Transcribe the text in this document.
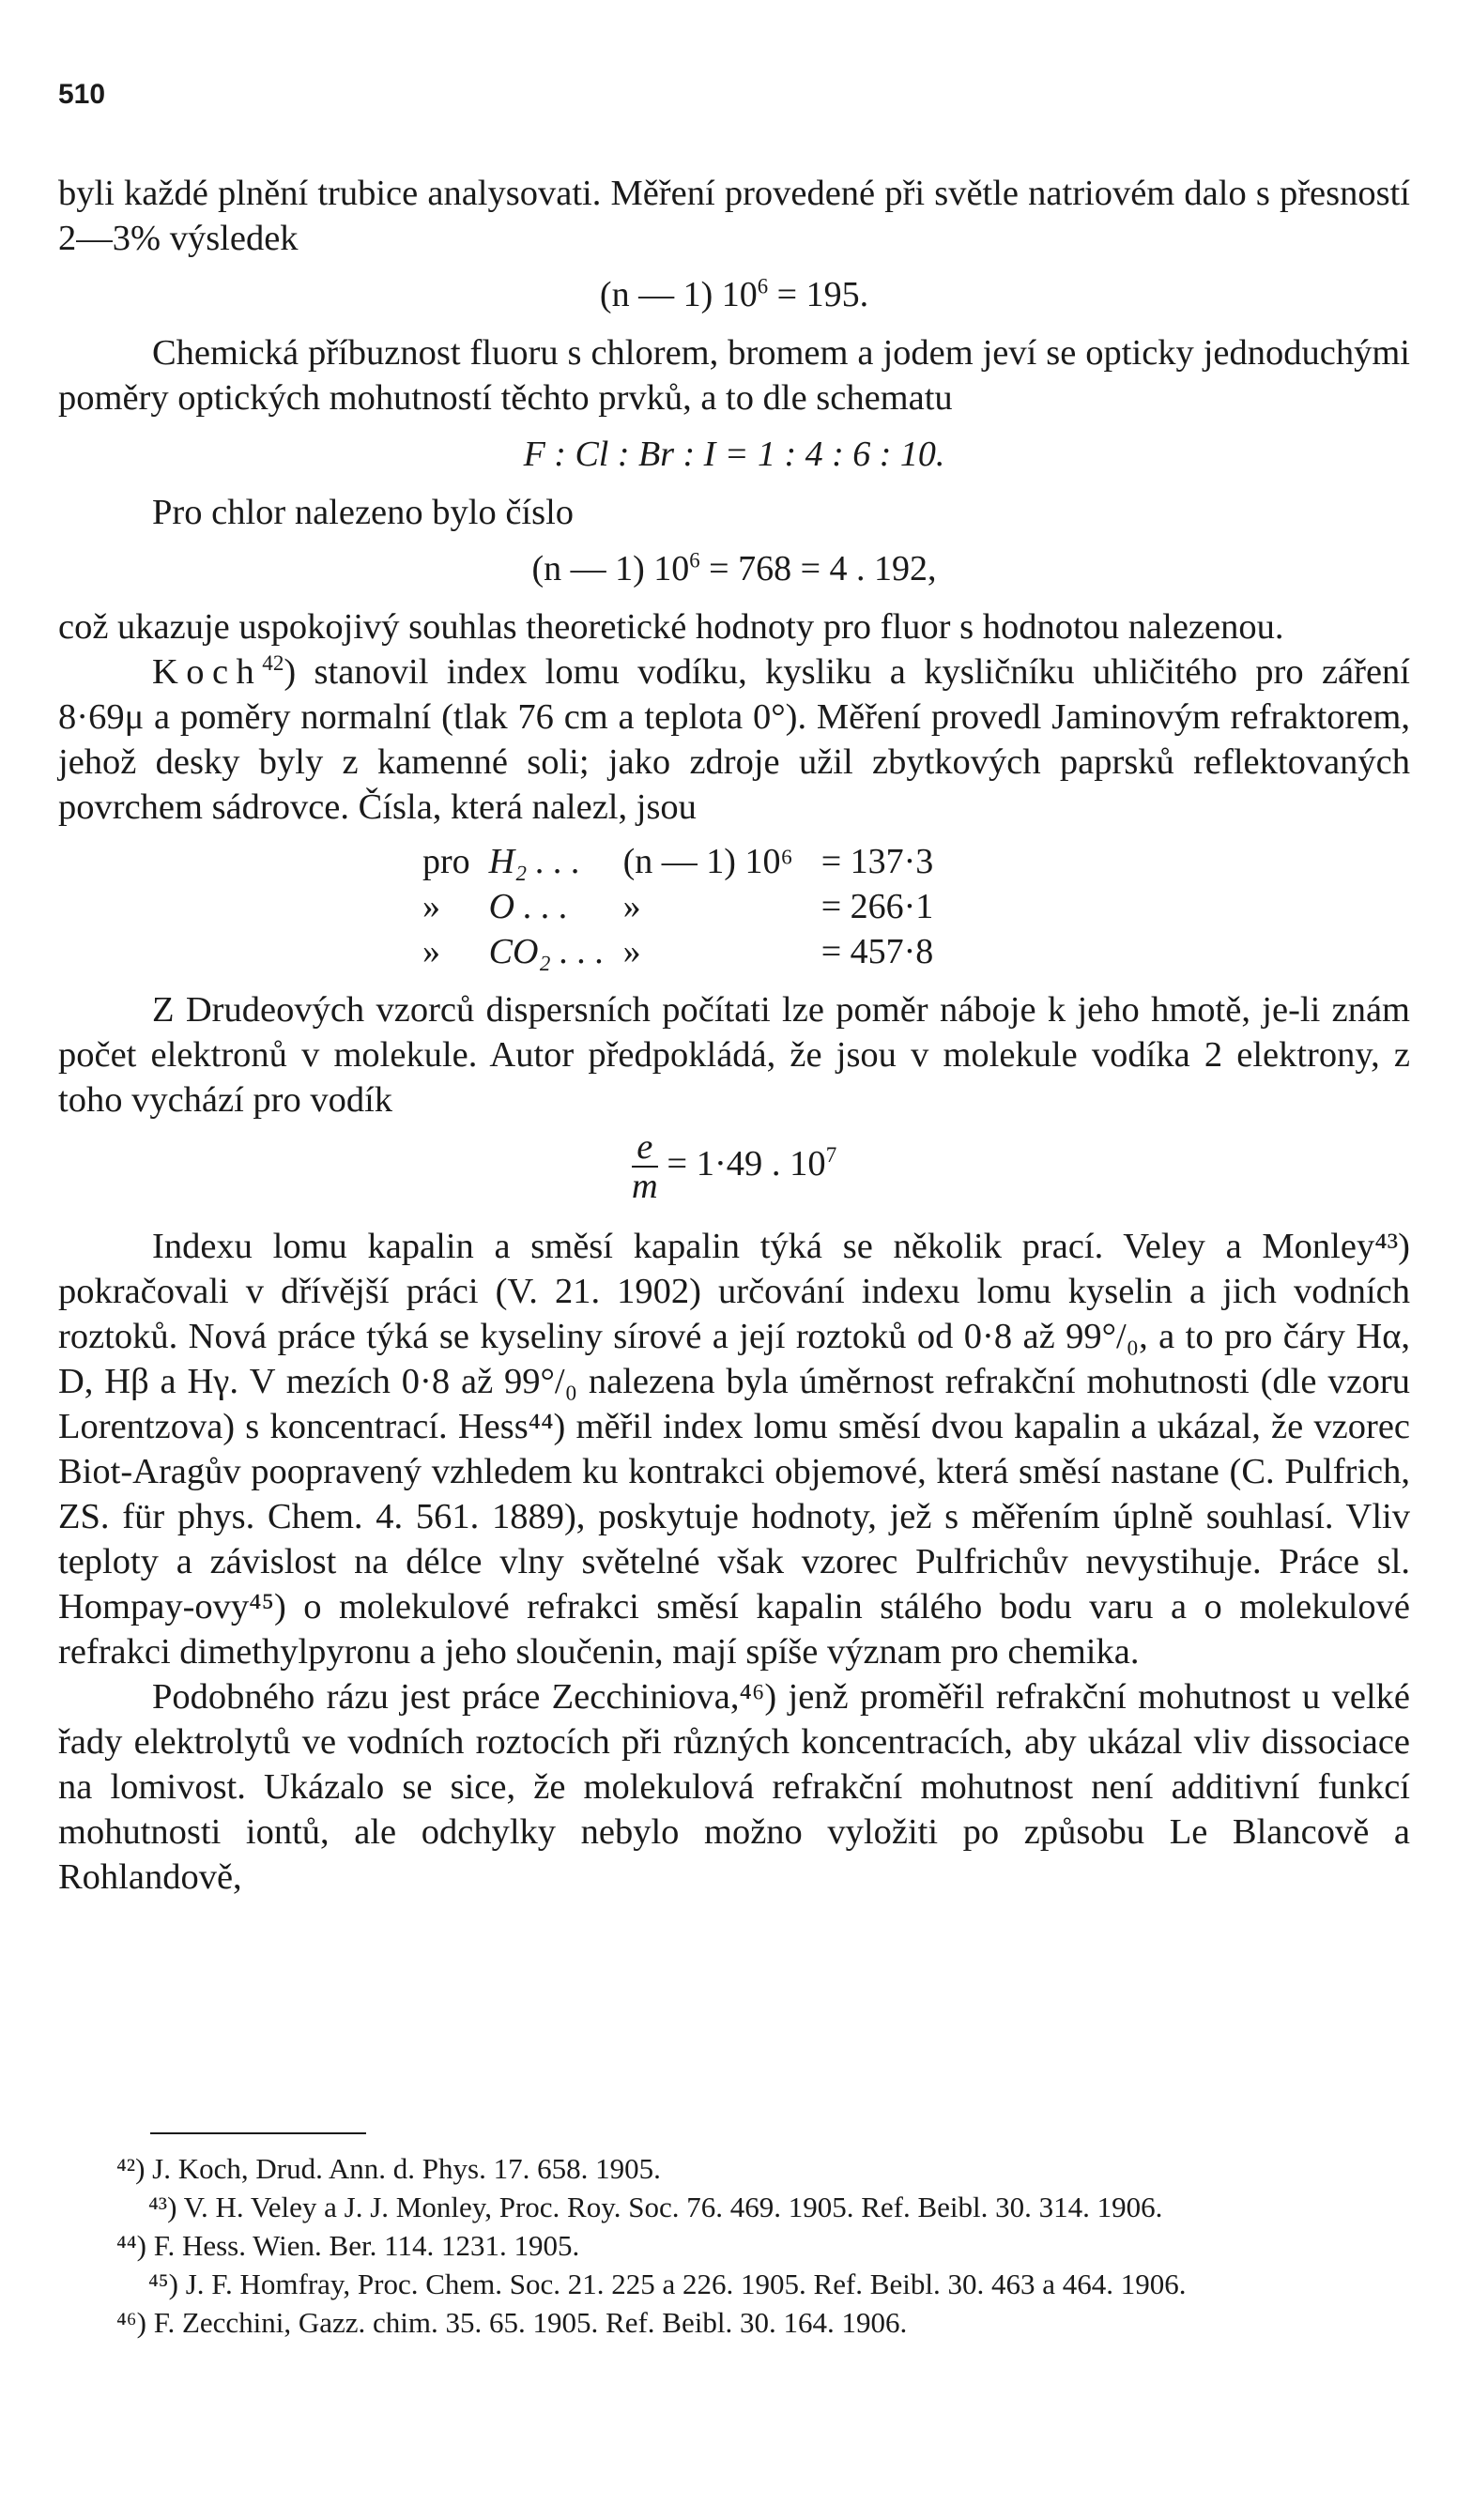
510

byli každé plnění trubice analysovati. Měření provedené při světle natriovém dalo s přesností 2—3% výsledek

(n — 1) $10^6 = 195$.

Chemická příbuznost fluoru s chlorem, bromem a jodem jeví se opticky jednoduchými poměry optických mohutností těchto prvků, a to dle schematu

F : Cl : Br : I = 1 : 4 : 6 : 10.

Pro chlor nalezeno bylo číslo

(n — 1) $10^6 = 768 = 4$ . 192,

což ukazuje uspokojivý souhlas theoretické hodnoty pro fluor s hodnotou nalezenou.

Koch$^{42}$) stanovil index lomu vodíku, kysliku a kysličníku uhličitého pro záření 8·69μ a poměry normalní (tlak 76 cm a teplota 0°). Měření provedl Jaminovým refraktorem, jehož desky byly z kamenné soli; jako zdroje užil zbytkových paprsků reflektovaných povrchem sádrovce. Čísla, která nalezl, jsou

pro	H₂ . . .	(n — 1) 10⁶	= 137·3
»	O . . .	»	= 266·1
»	CO₂ . . .	»	= 457·8

Z Drudeových vzorců dispersních počítati lze poměr náboje k jeho hmotě, je-li znám počet elektronů v molekule. Autor předpokládá, že jsou v molekule vodíka 2 elektrony, z toho vychází pro vodík

$\frac{e}{m} = 1\cdot 49$ . $10^7$

Indexu lomu kapalin a směsí kapalin týká se několik prací. Veley a Monley⁴³) pokračovali v dřívější práci (V. 21. 1902) určování indexu lomu kyselin a jich vodních roztoků. Nová práce týká se kyseliny sírové a její roztoků od 0·8 až 99°/₀, a to pro čáry Hα, D, Hβ a Hγ. V mezích 0·8 až 99°/₀ nalezena byla úměrnost refrakční mohutnosti (dle vzoru Lorentzova) s koncentrací. Hess⁴⁴) měřil index lomu směsí dvou kapalin a ukázal, že vzorec Biot-Aragův poopravený vzhledem ku kontrakci objemové, která směsí nastane (C. Pulfrich, ZS. für phys. Chem. 4. 561. 1889), poskytuje hodnoty, jež s měřením úplně souhlasí. Vliv teploty a závislost na délce vlny světelné však vzorec Pulfrichův nevystihuje. Práce sl. Hompay-ovy⁴⁵) o molekulové refrakci směsí kapalin stálého bodu varu a o molekulové refrakci dimethylpyronu a jeho sloučenin, mají spíše význam pro chemika.

Podobného rázu jest práce Zecchiniova,⁴⁶) jenž proměřil refrakční mohutnost u velké řady elektrolytů ve vodních roztocích při různých koncentracích, aby ukázal vliv dissociace na lomivost. Ukázalo se sice, že molekulová refrakční mohutnost není additivní funkcí mohutnosti iontů, ale odchylky nebylo možno vyložiti po způsobu Le Blancově a Rohlandově,

⁴²) J. Koch, Drud. Ann. d. Phys. 17. 658. 1905.

⁴³) V. H. Veley a J. J. Monley, Proc. Roy. Soc. 76. 469. 1905. Ref. Beibl. 30. 314. 1906.

⁴⁴) F. Hess. Wien. Ber. 114. 1231. 1905.

⁴⁵) J. F. Homfray, Proc. Chem. Soc. 21. 225 a 226. 1905. Ref. Beibl. 30. 463 a 464. 1906.

⁴⁶) F. Zecchini, Gazz. chim. 35. 65. 1905. Ref. Beibl. 30. 164. 1906.
